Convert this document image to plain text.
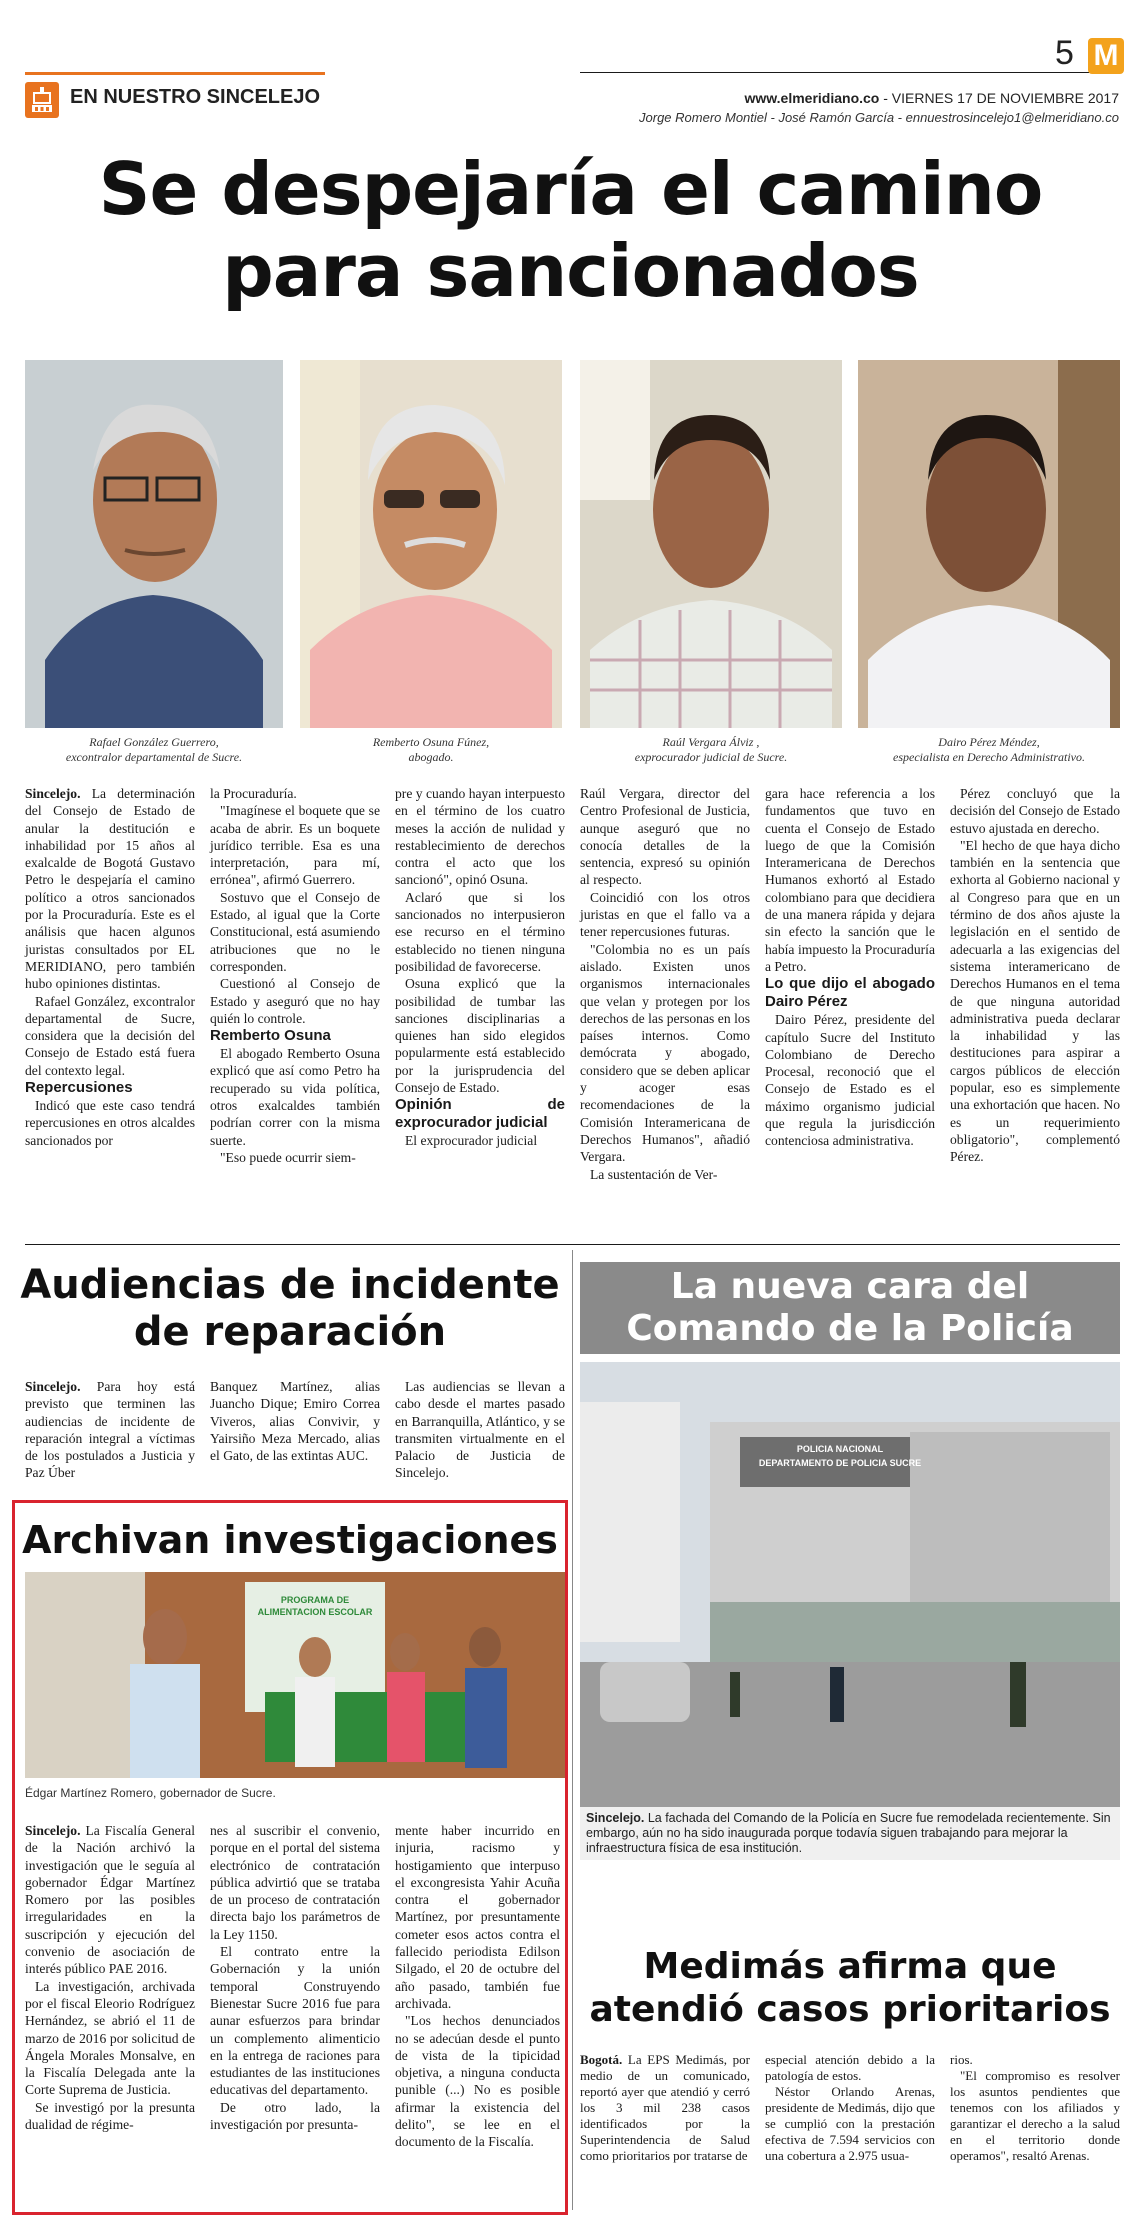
EN NUESTRO SINCELEJO
5 M
www.elmeridiano.co - VIERNES 17 DE NOVIEMBRE 2017
Jorge Romero Montiel - José Ramón García - ennuestrosincelejo1@elmeridiano.co
Se despejaría el camino
para sancionados
Rafael González Guerrero,
excontralor departamental de Sucre.
Remberto Osuna Fúnez,
abogado.
Raúl Vergara Álviz ,
exprocurador judicial de Sucre.
Dairo Pérez Méndez,
especialista en Derecho Administrativo.

Sincelejo. La determinación del Consejo de Estado de anular la destitución e inhabilidad por 15 años al exalcalde de Bogotá Gustavo Petro le despejaría el camino político a otros sancionados por la Procuraduría. Este es el análisis que hacen algunos juristas consultados por EL MERIDIANO, pero también hubo opiniones distintas.

Rafael González, excontralor departamental de Sucre, considera que la decisión del Consejo de Estado está fuera del contexto legal.

Repercusiones

Indicó que este caso tendrá repercusiones en otros alcaldes sancionados por

la Procuraduría.

"Imagínese el boquete que se acaba de abrir. Es un boquete jurídico terrible. Esa es una interpretación, para mí, errónea", afirmó Guerrero.

Sostuvo que el Consejo de Estado, al igual que la Corte Constitucional, está asumiendo atribuciones que no le corresponden.

Cuestionó al Consejo de Estado y aseguró que no hay quién lo controle.

Remberto Osuna

El abogado Remberto Osuna explicó que así como Petro ha recuperado su vida política, otros exalcaldes también podrían correr con la misma suerte.

"Eso puede ocurrir siem-

pre y cuando hayan interpuesto en el término de los cuatro meses la acción de nulidad y restablecimiento de derechos contra el acto que los sancionó", opinó Osuna.

Aclaró que si los sancionados no interpusieron ese recurso en el término establecido no tienen ninguna posibilidad de favorecerse.

Osuna explicó que la posibilidad de tumbar las sanciones disciplinarias a quienes han sido elegidos popularmente está establecido por la jurisprudencia del Consejo de Estado.

Opinión de exprocurador judicial

El exprocurador judicial

Raúl Vergara, director del Centro Profesional de Justicia, aunque aseguró que no conocía detalles de la sentencia, expresó su opinión al respecto.

Coincidió con los otros juristas en que el fallo va a tener repercusiones futuras.

"Colombia no es un país aislado. Existen unos organismos internacionales que velan y protegen por los derechos de las personas en los países internos. Como demócrata y abogado, considero que se deben aplicar y acoger esas recomendaciones de la Comisión Interamericana de Derechos Humanos", añadió Vergara.

La sustentación de Ver-

gara hace referencia a los fundamentos que tuvo en cuenta el Consejo de Estado luego de que la Comisión Interamericana de Derechos Humanos exhortó al Estado colombiano para que decidiera de una manera rápida y dejara sin efecto la sanción que le había impuesto la Procuraduría a Petro.

Lo que dijo el abogado Dairo Pérez

Dairo Pérez, presidente del capítulo Sucre del Instituto Colombiano de Derecho Procesal, reconoció que el Consejo de Estado es el máximo organismo judicial que regula la jurisdicción contenciosa administrativa.

Pérez concluyó que la decisión del Consejo de Estado estuvo ajustada en derecho.

"El hecho de que haya dicho también en la sentencia que exhorta al Gobierno nacional y al Congreso para que en un término de dos años ajuste la legislación en el sentido de adecuarla a las exigencias del sistema interamericano de Derechos Humanos en el tema de que ninguna autoridad administrativa pueda declarar la inhabilidad y las destituciones para aspirar a cargos públicos de elección popular, eso es simplemente una exhortación que hacen. No es un requerimiento obligatorio", complementó Pérez.

Audiencias de incidente
de reparación

Sincelejo. Para hoy está previsto que terminen las audiencias de incidente de reparación integral a víctimas de los postulados a Justicia y Paz Úber

Banquez Martínez, alias Juancho Dique; Emiro Correa Viveros, alias Convivir, y Yairsiño Meza Mercado, alias el Gato, de las extintas AUC.

Las audiencias se llevan a cabo desde el martes pasado en Barranquilla, Atlántico, y se transmiten virtualmente en el Palacio de Justicia de Sincelejo.

Archivan investigaciones
PROGRAMA DE ALIMENTACION ESCOLAR
Édgar Martínez Romero, gobernador de Sucre.

Sincelejo. La Fiscalía General de la Nación archivó la investigación que le seguía al gobernador Édgar Martínez Romero por las posibles irregularidades en la suscripción y ejecución del convenio de asociación de interés público PAE 2016.

La investigación, archivada por el fiscal Eleorio Rodríguez Hernández, se abrió el 11 de marzo de 2016 por solicitud de Ángela Morales Monsalve, en la Fiscalía Delegada ante la Corte Suprema de Justicia.

Se investigó por la presunta dualidad de régime-

nes al suscribir el convenio, porque en el portal del sistema electrónico de contratación pública advirtió que se trataba de un proceso de contratación directa bajo los parámetros de la Ley 1150.

El contrato entre la Gobernación y la unión temporal Construyendo Bienestar Sucre 2016 fue para aunar esfuerzos para brindar un complemento alimenticio en la entrega de raciones para estudiantes de las instituciones educativas del departamento.

De otro lado, la investigación por presunta-

mente haber incurrido en injuria, racismo y hostigamiento que interpuso el excongresista Yahir Acuña contra el gobernador Martínez, por presuntamente cometer esos actos contra el fallecido periodista Edilson Silgado, el 20 de octubre del año pasado, también fue archivada.

"Los hechos denunciados no se adecúan desde el punto de vista de la tipicidad objetiva, a ninguna conducta punible (...) No es posible afirmar la existencia del delito", se lee en el documento de la Fiscalía.

La nueva cara del
Comando de la Policía
POLICIA NACIONAL
DEPARTAMENTO DE POLICIA SUCRE
Sincelejo. La fachada del Comando de la Policía en Sucre fue remodelada recientemente. Sin embargo, aún no ha sido inaugurada porque todavía siguen trabajando para mejorar la infraestructura física de esa institución.
Medimás afirma que
atendió casos prioritarios

Bogotá. La EPS Medimás, por medio de un comunicado, reportó ayer que atendió y cerró los 3 mil 238 casos identificados por la Superintendencia de Salud como prioritarios por tratarse de

especial atención debido a la patología de estos.

Néstor Orlando Arenas, presidente de Medimás, dijo que se cumplió con la prestación efectiva de 7.594 servicios con una cobertura a 2.975 usua-

rios.

"El compromiso es resolver los asuntos pendientes que tenemos con los afiliados y garantizar el derecho a la salud en el territorio donde operamos", resaltó Arenas.
